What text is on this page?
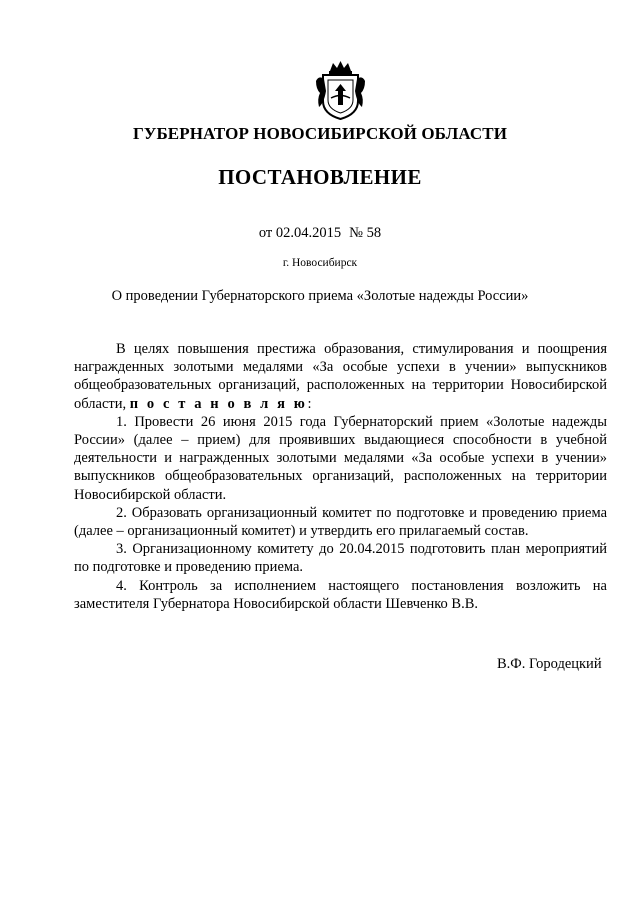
ГУБЕРНАТОР НОВОСИБИРСКОЙ ОБЛАСТИ
ПОСТАНОВЛЕНИЕ
от 02.04.2015 № 58
г. Новосибирск
О проведении Губернаторского приема «Золотые надежды России»

В целях повышения престижа образования, стимулирования и поощрения награжденных золотыми медалями «За особые успехи в учении» выпускников общеобразовательных организаций, расположенных на территории Новосибирской области, п о с т а н о в л я ю:

1. Провести 26 июня 2015 года Губернаторский прием «Золотые надежды России» (далее – прием) для проявивших выдающиеся способности в учебной деятельности и награжденных золотыми медалями «За особые успехи в учении» выпускников общеобразовательных организаций, расположенных на территории Новосибирской области.

2. Образовать организационный комитет по подготовке и проведению приема (далее – организационный комитет) и утвердить его прилагаемый состав.

3. Организационному комитету до 20.04.2015 подготовить план мероприятий по подготовке и проведению приема.

4. Контроль за исполнением настоящего постановления возложить на заместителя Губернатора Новосибирской области Шевченко В.В.

В.Ф. Городецкий
